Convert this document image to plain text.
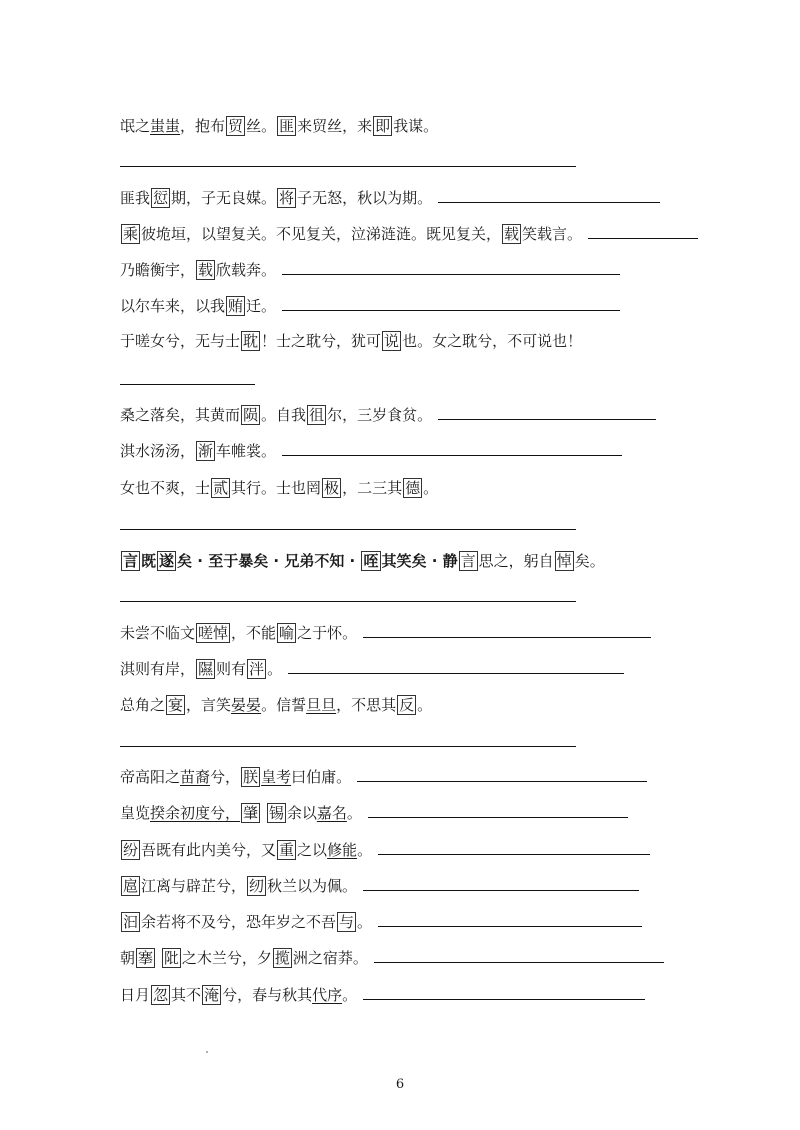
氓之蚩蚩，抱布 贸 丝。 匪 来贸丝，来 即 我谋。
匪我 愆 期，子无良媒。 将 子无怒，秋以为期。
乘 彼垝垣，以望复关。不见复关，泣涕涟涟。既见复关， 载 笑载言。
乃瞻衡宇， 载 欣载奔。
以尔车来，以我 贿 迁。
于嗟女兮，无与士 耽 ！士之耽兮，犹可 说 也。女之耽兮，不可说也！
桑之落矣，其黄而 陨 。自我 徂 尔，三岁食贫。
淇水汤汤， 渐 车帷裳。
女也不爽，士 贰 其行。士也罔 极 ，二三其 德 。
言 既 遂 矣 · 至于暴矣 · 兄弟不知 · 咥 其笑矣 · 静 言 思之，躬自 悼 矣。
未尝不临文 嗟悼 ，不能 喻 之于怀。
淇则有岸， 隰 则有 泮 。
总角之 宴 ，言笑晏晏。信誓旦旦，不思其 反 。
帝高阳之苗裔兮， 朕 皇考曰伯庸。
皇览揆余初度兮， 肇 锡 余以嘉名。
纷 吾既有此内美兮，又 重 之以修能。
扈 江离与辟芷兮， 纫 秋兰以为佩。
汩 余若将不及兮，恐年岁之不吾 与 。
朝 搴 阰 之木兰兮，夕 揽 洲之宿莽。
日月 忽 其不 淹 兮，春与秋其代序。
6
